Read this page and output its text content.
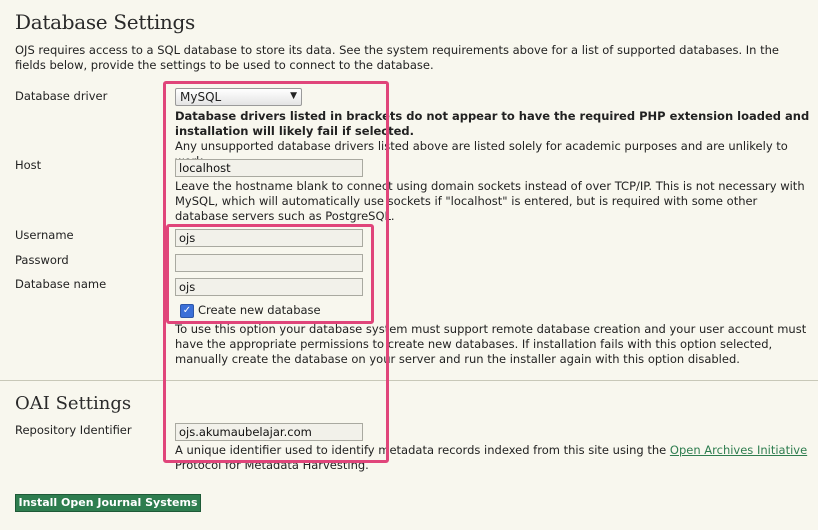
Database Settings
OJS requires access to a SQL database to store its data. See the system requirements above for a list of supported databases. In the fields below, provide the settings to be used to connect to the database.
Database driver	MySQL	▼
Database drivers listed in brackets do not appear to have the required PHP extension loaded and installation will likely fail if selected.
Any unsupported database drivers listed above are listed solely for academic purposes and are unlikely to
Host
localhost
Leave the hostname blank to connect using domain sockets instead of over TCP/IP. This is not necessary with MySQL, which will automatically use sockets if "localhost" is entered, but is required with some other database servers such as PostgreSQL.
Username
ojs
Password
Database name
ojs
✓ Create new database
To use this option your database system must support remote database creation and your user account must have the appropriate permissions to create new databases. If installation fails with this option selected, manually create the database on your server and run the installer again with this option disabled.
OAI Settings
Repository Identifier
ojs.akumaubelajar.com
A unique identifier used to identify metadata records indexed from this site using the Open Archives Initiative Protocol for Metadata Harvesting.
Install Open Journal Systems
